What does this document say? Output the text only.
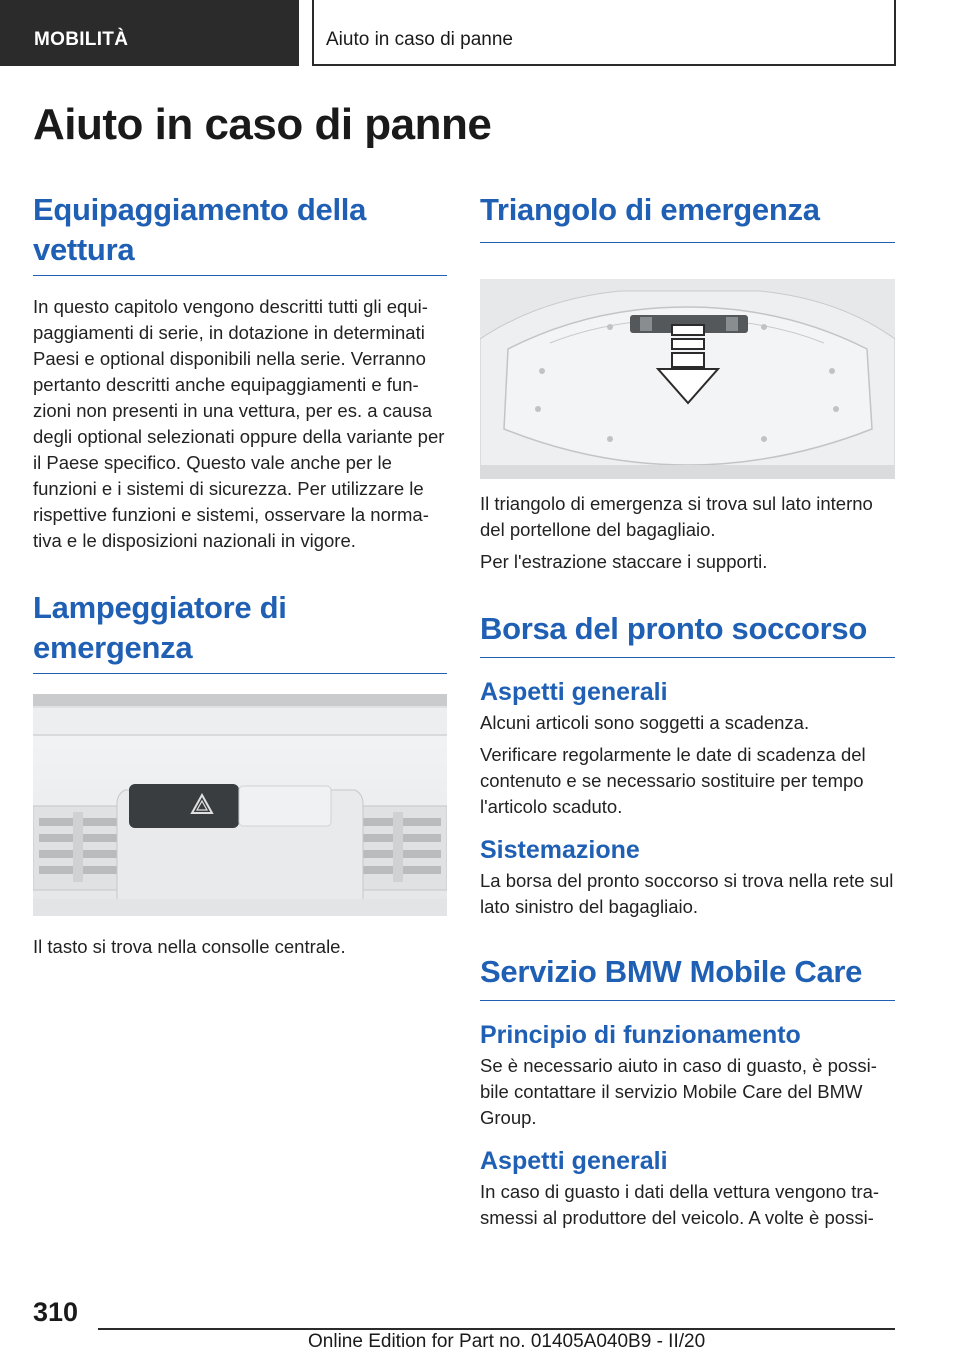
MOBILITÀ	Aiuto in caso di panne
Aiuto in caso di panne
Equipaggiamento della vettura

In questo capitolo vengono descritti tutti gli equipaggiamenti di serie, in dotazione in determinati Paesi e optional disponibili nella serie. Verranno pertanto descritti anche equipaggiamenti e funzioni non presenti in una vettura, per es. a causa degli optional selezionati oppure della variante per il Paese specifico. Questo vale anche per le funzioni e i sistemi di sicurezza. Per utilizzare le rispettive funzioni e sistemi, osservare la normativa e le disposizioni nazionali in vigore.

Lampeggiatore di emergenza

Il tasto si trova nella consolle centrale.

Triangolo di emergenza

Il triangolo di emergenza si trova sul lato interno del portellone del bagagliaio.

Per l'estrazione staccare i supporti.

Borsa del pronto soccorso
Aspetti generali

Alcuni articoli sono soggetti a scadenza.

Verificare regolarmente le date di scadenza del contenuto e se necessario sostituire per tempo l'articolo scaduto.

Sistemazione

La borsa del pronto soccorso si trova nella rete sul lato sinistro del bagagliaio.

Servizio BMW Mobile Care
Principio di funzionamento

Se è necessario aiuto in caso di guasto, è possibile contattare il servizio Mobile Care del BMW Group.

Aspetti generali

In caso di guasto i dati della vettura vengono trasmessi al produttore del veicolo. A volte è possi-

310
Online Edition for Part no. 01405A040B9 - II/20
